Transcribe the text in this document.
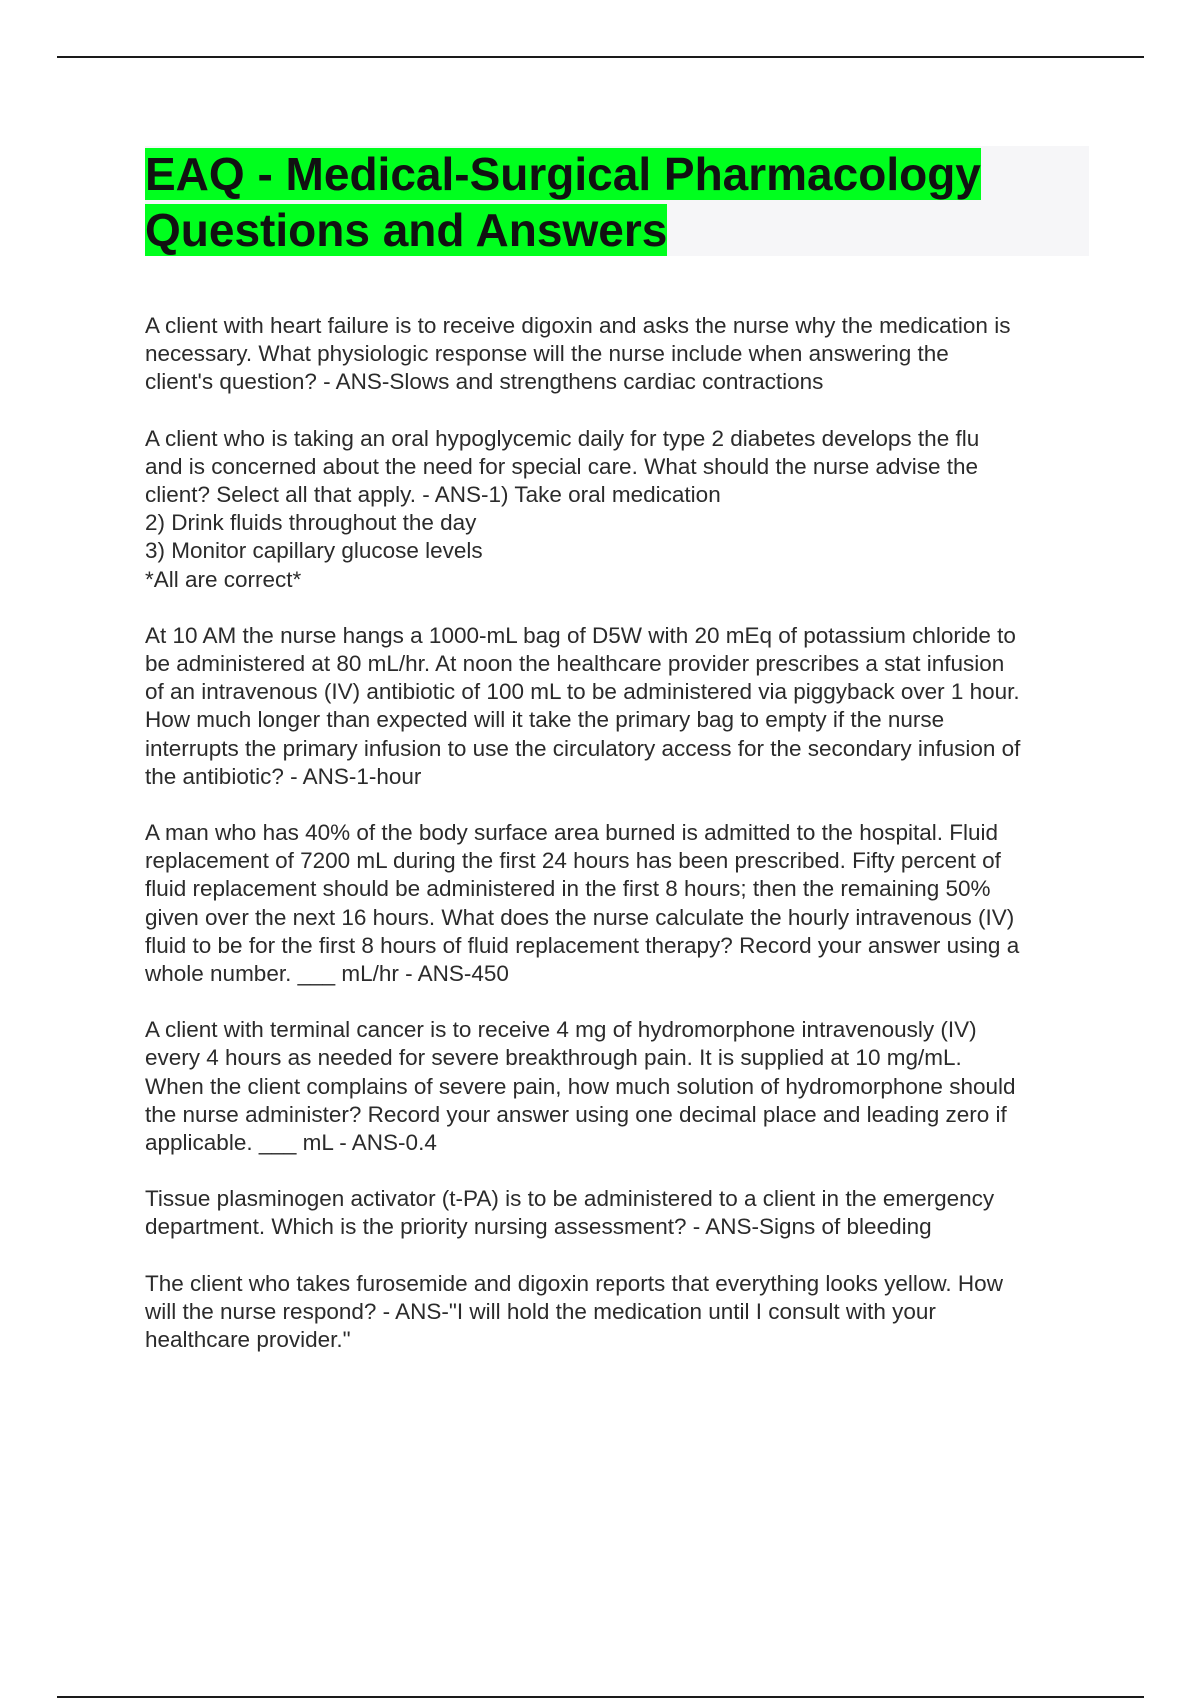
EAQ - Medical-Surgical Pharmacology
Questions and Answers

A client with heart failure is to receive digoxin and asks the nurse why the medication is
necessary. What physiologic response will the nurse include when answering the
client's question? - ANS-Slows and strengthens cardiac contractions

A client who is taking an oral hypoglycemic daily for type 2 diabetes develops the flu
and is concerned about the need for special care. What should the nurse advise the
client? Select all that apply. - ANS-1) Take oral medication
2) Drink fluids throughout the day
3) Monitor capillary glucose levels
*All are correct*

At 10 AM the nurse hangs a 1000-mL bag of D5W with 20 mEq of potassium chloride to
be administered at 80 mL/hr. At noon the healthcare provider prescribes a stat infusion
of an intravenous (IV) antibiotic of 100 mL to be administered via piggyback over 1 hour.
How much longer than expected will it take the primary bag to empty if the nurse
interrupts the primary infusion to use the circulatory access for the secondary infusion of
the antibiotic? - ANS-1-hour

A man who has 40% of the body surface area burned is admitted to the hospital. Fluid
replacement of 7200 mL during the first 24 hours has been prescribed. Fifty percent of
fluid replacement should be administered in the first 8 hours; then the remaining 50%
given over the next 16 hours. What does the nurse calculate the hourly intravenous (IV)
fluid to be for the first 8 hours of fluid replacement therapy? Record your answer using a
whole number. ___ mL/hr - ANS-450

A client with terminal cancer is to receive 4 mg of hydromorphone intravenously (IV)
every 4 hours as needed for severe breakthrough pain. It is supplied at 10 mg/mL.
When the client complains of severe pain, how much solution of hydromorphone should
the nurse administer? Record your answer using one decimal place and leading zero if
applicable. ___ mL - ANS-0.4

Tissue plasminogen activator (t-PA) is to be administered to a client in the emergency
department. Which is the priority nursing assessment? - ANS-Signs of bleeding

The client who takes furosemide and digoxin reports that everything looks yellow. How
will the nurse respond? - ANS-"I will hold the medication until I consult with your
healthcare provider."
